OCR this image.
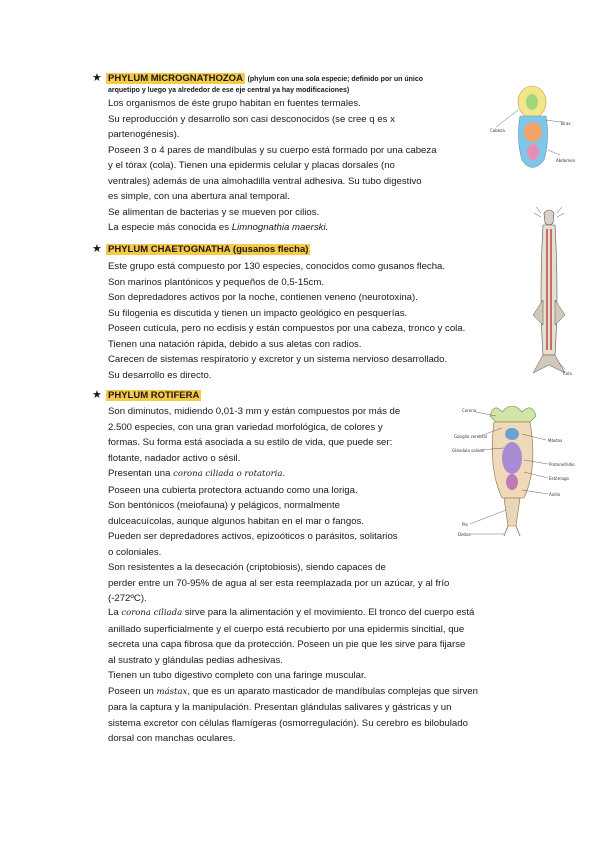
★ PHYLUM MICROGNATHOZOA (phylum con una sola especie; definido por un único
arquetipo y luego ya alrededor de ese eje central ya hay modificaciones)
Los organismos de éste grupo habitan en fuentes termales.
Su reproducción y desarrollo son casi desconocidos (se cree q es x
partenogénesis).
Poseen 3 o 4 pares de mandíbulas y su cuerpo está formado por una cabeza
y el tórax (cola). Tienen una epidermis celular y placas dorsales (no
ventrales) además de una almohadilla ventral adhesiva. Su tubo digestivo
es simple, con una abertura anal temporal.
Se alimentan de bacterias y se mueven por cilios.
La especie más conocida es Limnognathia maerski.
★ PHYLUM CHAETOGNATHA (gusanos flecha)
Este grupo está compuesto por 130 especies, conocidos como gusanos flecha.
Son marinos plantónicos y pequeños de 0,5-15cm.
Son depredadores activos por la noche, contienen veneno (neurotoxina).
Su filogenia es discutida y tienen un impacto geológico en pesquerías.
Poseen cutícula, pero no ecdisis y están compuestos por una cabeza, tronco y cola.
Tienen una natación rápida, debido a sus aletas con radios.
Carecen de sistemas respiratorio y excretor y un sistema nervioso desarrollado.
Su desarrollo es directo.
★ PHYLUM ROTIFERA
Son diminutos, midiendo 0,01-3 mm y están compuestos por más de
2.500 especies, con una gran variedad morfológica, de colores y
formas. Su forma está asociada a su estilo de vida, que puede ser:
flotante, nadador activo o sésil.
Presentan una corona ciliada o rotatoria.
Poseen una cubierta protectora actuando como una loriga.
Son bentónicos (meiofauna) y pelágicos, normalmente
dulceacuícolas, aunque algunos habitan en el mar o fangos.
Pueden ser depredadores activos, epizoóticos o parásitos, solitarios
o coloniales.
Son resistentes a la desecación (criptobiosis), siendo capaces de
perder entre un 70-95% de agua al ser esta reemplazada por un azúcar, y al frío
(-272ºC).
La corona ciliada sirve para la alimentación y el movimiento. El tronco del cuerpo está
anillado superficialmente y el cuerpo está recubierto por una epidermis sincitial, que
secreta una capa fibrosa que da protección. Poseen un pie que les sirve para fijarse
al sustrato y glándulas pedias adhesivas.
Tienen un tubo digestivo completo con una faringe muscular.
Poseen un mástax, que es un aparato masticador de mandíbulas complejas que sirven
para la captura y la manipulación. Presentan glándulas salivares y gástricas y un
sistema excretor con células flamígeras (osmorregulación). Su cerebro es bilobulado
dorsal con manchas oculares.
Cabeza
Abdomen
Tórax
Cola
Corona
Ganglio cerebral
Glándula salivar
Mástax
Protonefridio
Estómago
Anillo
Pie
Dedos
